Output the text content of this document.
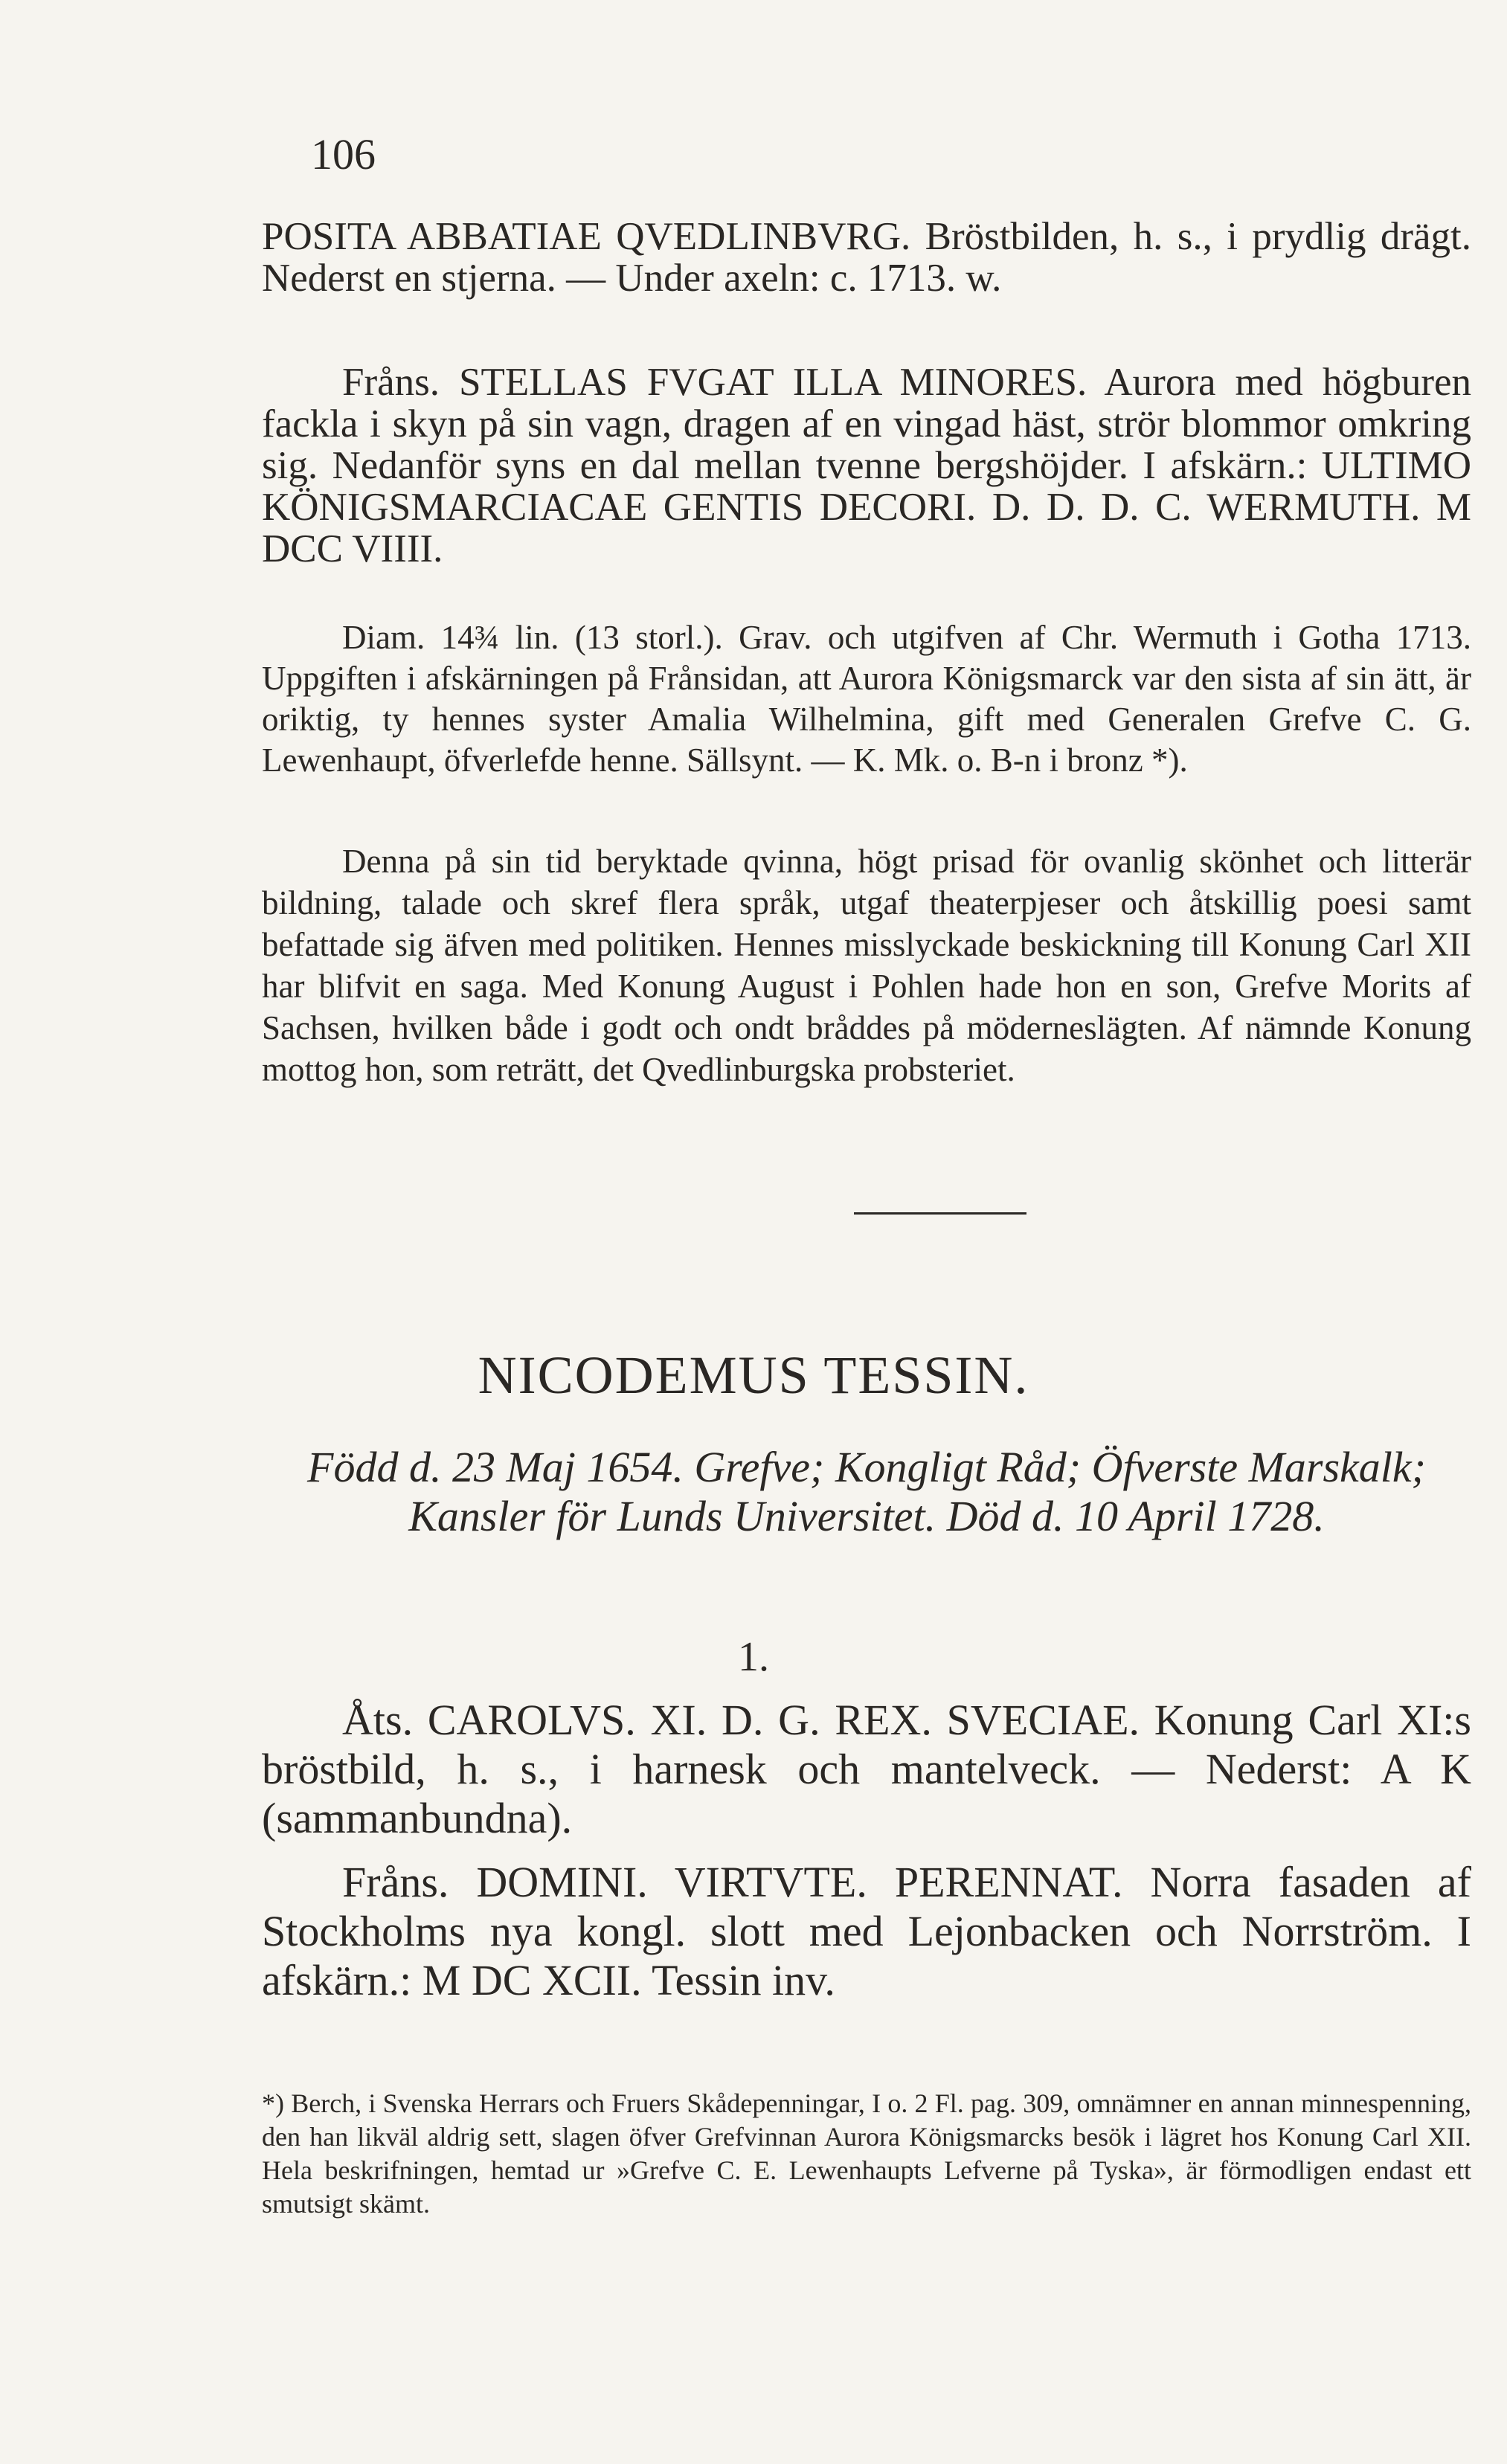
106

POSITA ABBATIAE QVEDLINBVRG. Bröstbilden, h. s., i prydlig drägt. Nederst en stjerna. — Under axeln: c. 1713. w.

Fråns. STELLAS FVGAT ILLA MINORES. Aurora med högburen fackla i skyn på sin vagn, dragen af en vingad häst, strör blommor omkring sig. Nedanför syns en dal mellan tvenne bergshöjder. I afskärn.: ULTIMO KÖNIGSMARCIACAE GENTIS DECORI. D. D. D. C. WERMUTH. M DCC VIIII.

Diam. 14¾ lin. (13 storl.). Grav. och utgifven af Chr. Wermuth i Gotha 1713. Uppgiften i afskärningen på Frånsidan, att Aurora Königsmarck var den sista af sin ätt, är oriktig, ty hennes syster Amalia Wilhelmina, gift med Generalen Grefve C. G. Lewenhaupt, öfverlefde henne. Sällsynt. — K. Mk. o. B-n i bronz *).

Denna på sin tid beryktade qvinna, högt prisad för ovanlig skönhet och litterär bildning, talade och skref flera språk, utgaf theaterpjeser och åtskillig poesi samt befattade sig äfven med politiken. Hennes misslyckade beskickning till Konung Carl XII har blifvit en saga. Med Konung August i Pohlen hade hon en son, Grefve Morits af Sachsen, hvilken både i godt och ondt bråddes på möderneslägten. Af nämnde Konung mottog hon, som reträtt, det Qvedlinburgska probsteriet.

NICODEMUS TESSIN.
Född d. 23 Maj 1654. Grefve; Kongligt Råd; Öfverste Marskalk; Kansler för Lunds Universitet. Död d. 10 April 1728.
1.

Åts. CAROLVS. XI. D. G. REX. SVECIAE. Konung Carl XI:s bröstbild, h. s., i harnesk och mantelveck. — Nederst: A K (sammanbundna).

Fråns. DOMINI. VIRTVTE. PERENNAT. Norra fasaden af Stockholms nya kongl. slott med Lejonbacken och Norrström. I afskärn.: M DC XCII. Tessin inv.

*) Berch, i Svenska Herrars och Fruers Skådepenningar, I o. 2 Fl. pag. 309, omnämner en annan minnespenning, den han likväl aldrig sett, slagen öfver Grefvinnan Aurora Königsmarcks besök i lägret hos Konung Carl XII. Hela beskrifningen, hemtad ur »Grefve C. E. Lewenhaupts Lefverne på Tyska», är förmodligen endast ett smutsigt skämt.
